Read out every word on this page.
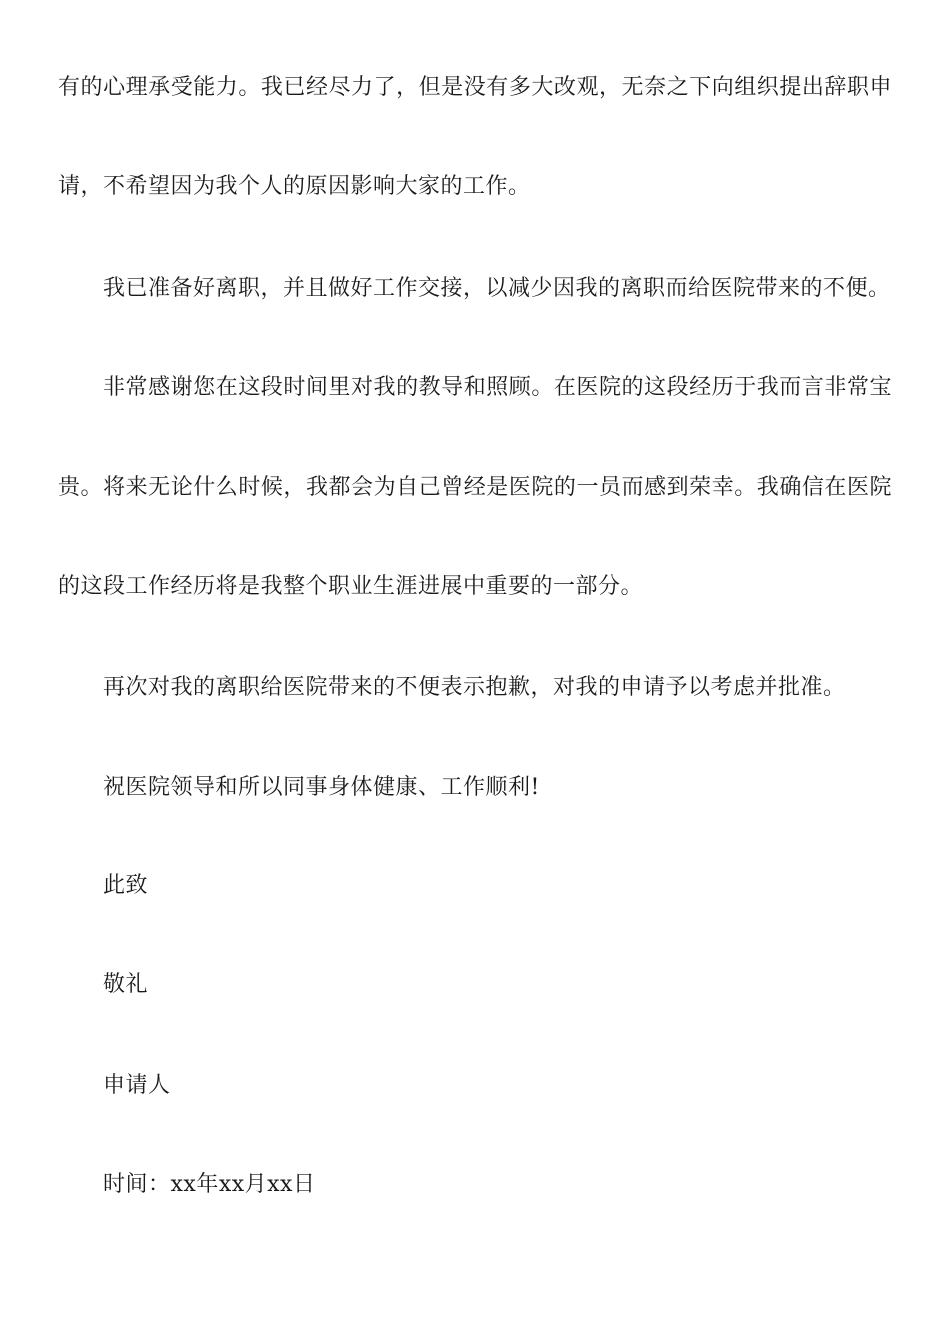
有的心理承受能力。我已经尽力了，但是没有多大改观，无奈之下向组织提出辞职申
请，不希望因为我个人的原因影响大家的工作。
我已准备好离职，并且做好工作交接，以减少因我的离职而给医院带来的不便。
非常感谢您在这段时间里对我的教导和照顾。在医院的这段经历于我而言非常宝
贵。将来无论什么时候，我都会为自己曾经是医院的一员而感到荣幸。我确信在医院
的这段工作经历将是我整个职业生涯进展中重要的一部分。
再次对我的离职给医院带来的不便表示抱歉，对我的申请予以考虑并批准。
祝医院领导和所以同事身体健康、工作顺利!
此致
敬礼
申请人
时间：xx年xx月xx日
